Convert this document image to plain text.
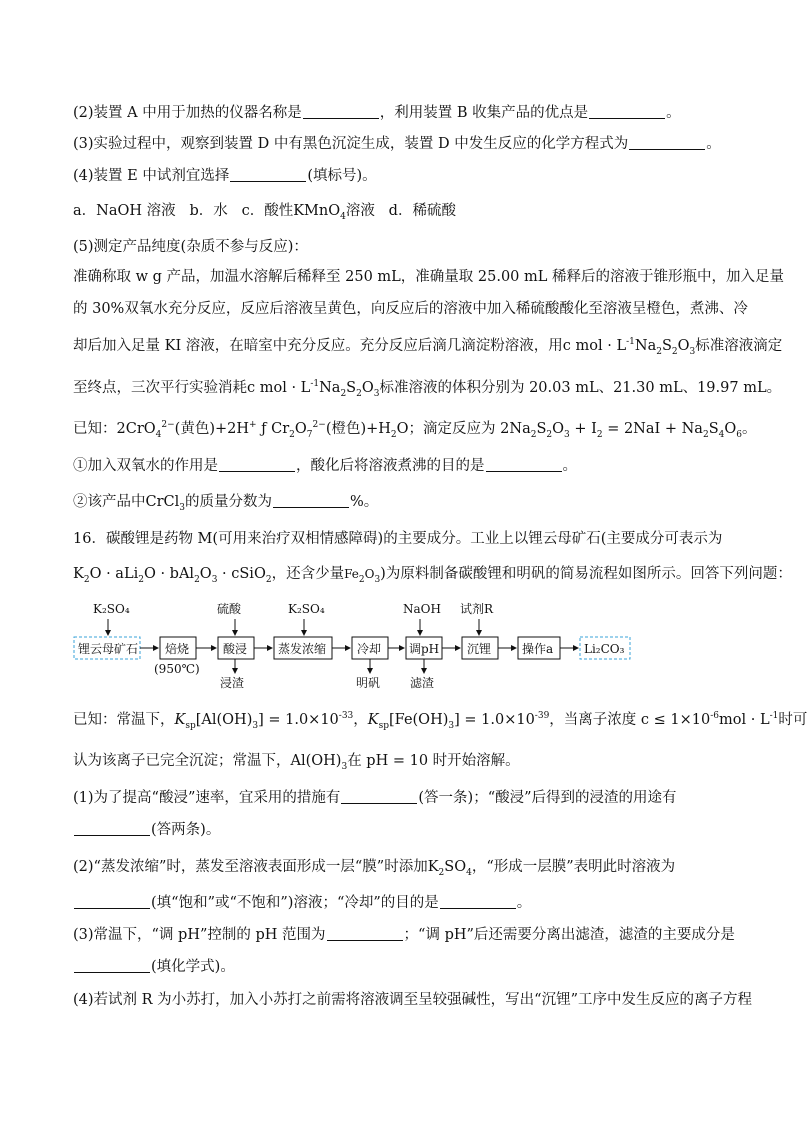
(2)装置 A 中用于加热的仪器名称是	，利用装置 B 收集产品的优点是	。
(3)实验过程中，观察到装置 D 中有黑色沉淀生成，装置 D 中发生反应的化学方程式为	。
(4)装置 E 中试剂宜选择	(填标号)。
a．NaOH 溶液 b．水 c．酸性KMnO$_4$溶液 d．稀硫酸
(5)测定产品纯度(杂质不参与反应)：
准确称取 w g 产品，加温水溶解后稀释至 250 mL，准确量取 25.00 mL 稀释后的溶液于锥形瓶中，加入足量
的 30%双氧水充分反应，反应后溶液呈黄色，向反应后的溶液中加入稀硫酸酸化至溶液呈橙色，煮沸、冷
却后加入足量 KI 溶液，在暗室中充分反应。充分反应后滴几滴淀粉溶液，用c mol · $L^{-1}Na_2S_2O_3$标准溶液滴定
至终点，三次平行实验消耗c mol · $L^{-1}Na_2S_2O_3$标准溶液的体积分别为 20.03 mL、21.30 mL、19.97 mL。
已知：2CrO$_4^{2-}$(黄色)+2H+ ƒ $Cr_2O_7^{2-}$(橙色)$+H_2O$；滴定反应为 $2Na_2S_2O_3 + I_2 = 2NaI + Na_2S_4O_6$。
①加入双氧水的作用是	，酸化后将溶液煮沸的目的是	。
②该产品中CrCl$_3$的质量分数为	%。
16．碳酸锂是药物 M(可用来治疗双相情感障碍)的主要成分。工业上以锂云母矿石(主要成分可表示为
$K_2O \cdot aLi_2O \cdot bAl_2O_3$ · cSiO$_2$，还含少量$Fe_2O_3$)为原料制备碳酸锂和明矾的简易流程如图所示。回答下列问题：
K₂SO₄	硫酸	K₂SO₄	NaOH 试剂R
锂云母矿石 焙烧	酸浸	蒸发浓缩	冷却 调pH 沉锂	操作a	Li₂CO₃
(950℃)
浸渣	明矾 滤渣
已知：常温下，$K_{sp}[Al(OH)_3] = 1.0\times 10^{-33}$，$K_{sp}[Fe(OH)_3] = 1.0\times 10^{-39}$，当离子浓度 $c \le 1\times 10^{-6}mol \cdot L^{-1}$时可
认为该离子已完全沉淀；常温下，$Al(OH)_3$在 pH = 10 时开始溶解。
(1)为了提高“酸浸”速率，宜采用的措施有	(答一条)；“酸浸”后得到的浸渣的用途有
(答两条)。
(2)“蒸发浓缩”时，蒸发至溶液表面形成一层“膜”时添加$K_2SO_4$，“形成一层膜”表明此时溶液为
(填“饱和”或“不饱和”)溶液；“冷却”的目的是	。
(3)常温下，“调 pH”控制的 pH 范围为	；“调 pH”后还需要分离出滤渣，滤渣的主要成分是
(填化学式)。
(4)若试剂 R 为小苏打，加入小苏打之前需将溶液调至呈较强碱性，写出“沉锂”工序中发生反应的离子方程
